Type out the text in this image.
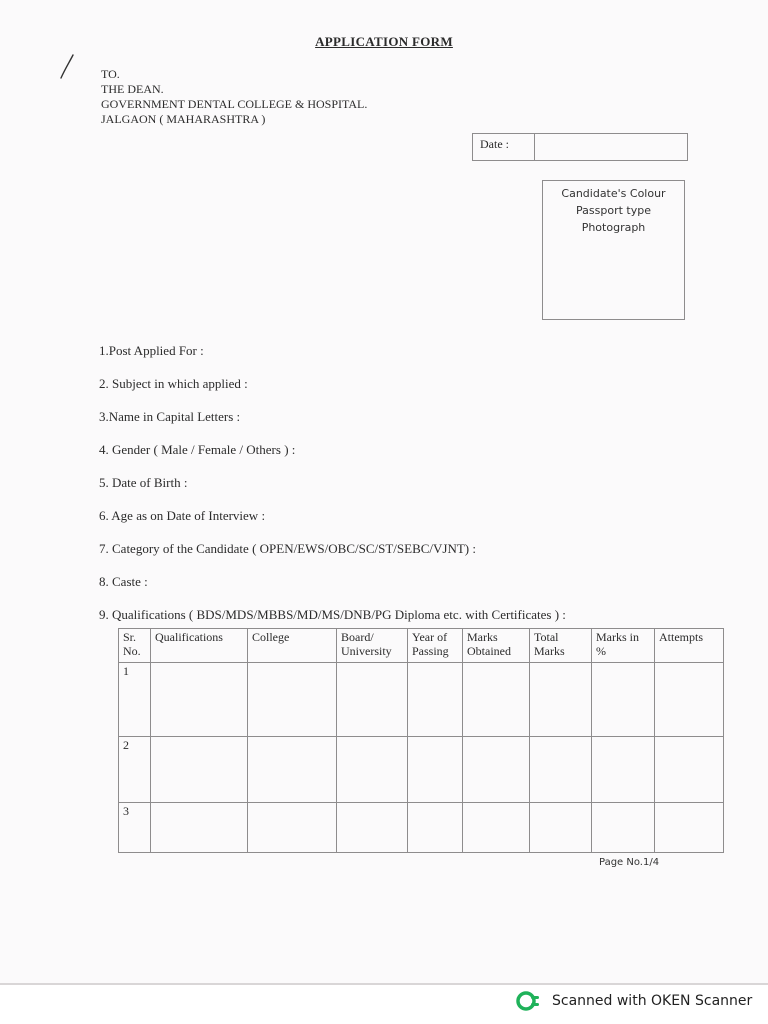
APPLICATION FORM
TO.
THE DEAN.
GOVERNMENT DENTAL COLLEGE & HOSPITAL.
JALGAON ( MAHARASHTRA )
Date :
Candidate's Colour
Passport type
Photograph
1.Post Applied For :
2. Subject in which applied :
3.Name in Capital Letters :
4. Gender ( Male / Female / Others ) :
5. Date of Birth :
6. Age as on Date of Interview :
7. Category of the Candidate ( OPEN/EWS/OBC/SC/ST/SEBC/VJNT) :
8. Caste :
9. Qualifications ( BDS/MDS/MBBS/MD/MS/DNB/PG Diploma etc. with Certificates ) :
Sr. No.	Qualifications	College	Board/ University	Year of Passing	Marks Obtained	Total Marks	Marks in %	Attempts
1								
2								
3								
Page No.1/4
Scanned with OKEN Scanner
